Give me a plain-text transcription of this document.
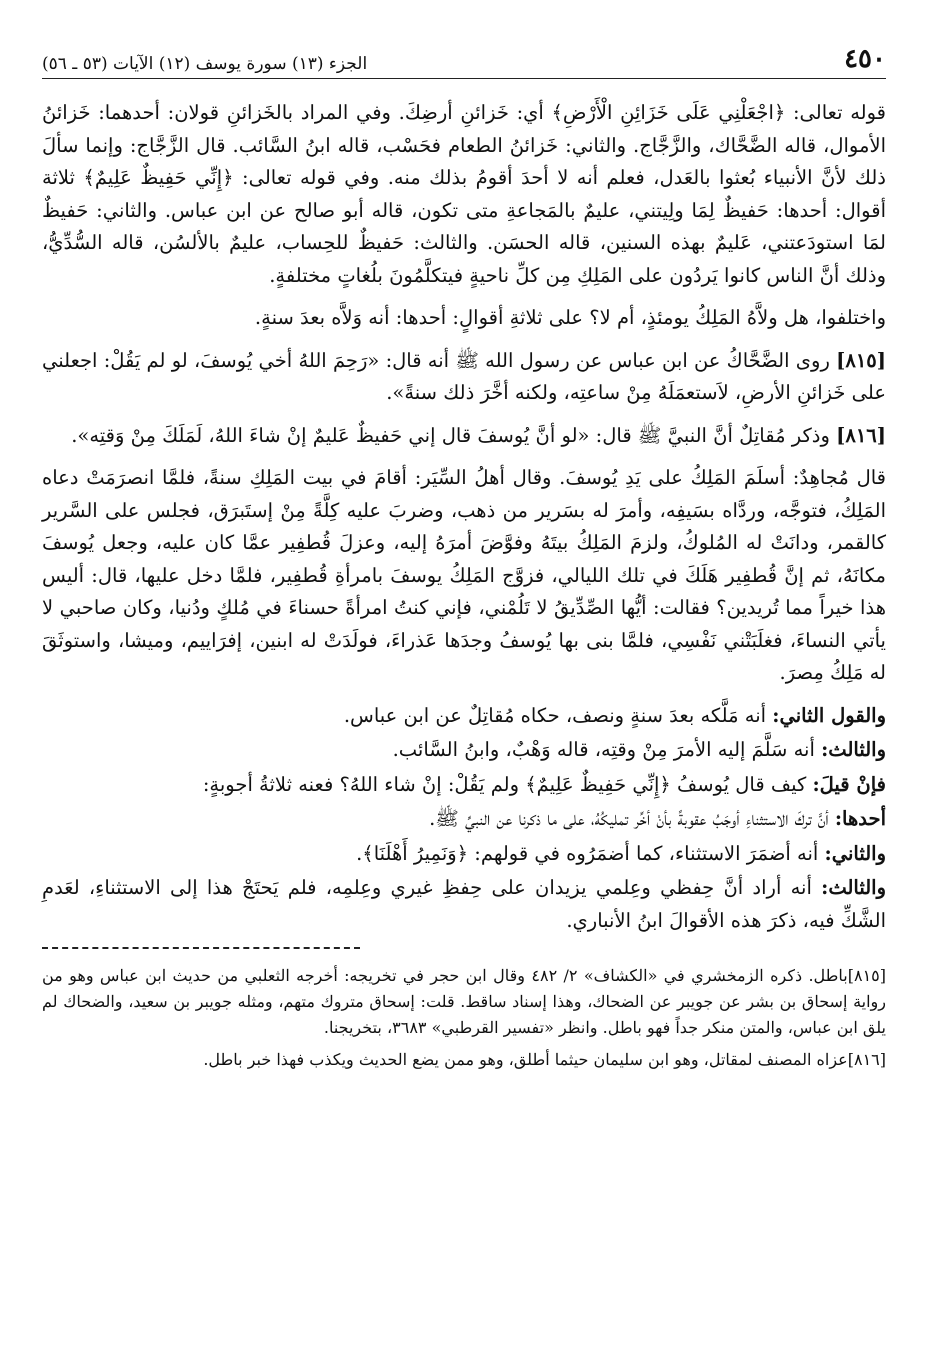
٤٥٠
الجزء (١٣) سورة يوسف (١٢) الآيات (٥٣ ـ ٥٦)

قوله تعالى: ﴿اجْعَلْنِي عَلَى خَزَائِنِ الْأَرْضِ﴾ أي: خَزائنِ أرضِكَ. وفي المراد بالخَزائنِ قولان: أحدهما: خَزائنُ الأموال، قاله الضَّحَّاك، والزَّجَّاج. والثاني: خَزائنُ الطعام فحَسْب، قاله ابنُ السَّائب. قال الزَّجَّاج: وإنما سألَ ذلك لأنَّ الأنبياء بُعثوا بالعَدل، فعلم أنه لا أحدَ أقومُ بذلك منه. وفي قوله تعالى: ﴿إِنِّي حَفِيظٌ عَلِيمٌ﴾ ثلاثة أقوال: أحدها: حَفيظٌ لِمَا ولِيتني، عليمٌ بالمَجاعةِ متى تكون، قاله أبو صالح عن ابن عباس. والثاني: حَفيظٌ لمَا استودَعتني، عَليمٌ بهذه السنين، قاله الحسَن. والثالث: حَفيظٌ للحِساب، عليمٌ بالألسُن، قاله السُّدِّيُّ، وذلك أنَّ الناس كانوا يَردُون على المَلِكِ مِن كلِّ ناحيةٍ فيتكلَّمُونَ بلُغاتٍ مختلفةٍ.

واختلفوا، هل ولاَّهُ المَلِكُ يومئذٍ، أم لا؟ على ثلاثةِ أقوالٍ: أحدها: أنه وَلاَّه بعدَ سنةٍ.

[٨١٥] روى الضَّحَّاكُ عن ابن عباس عن رسول الله ﷺ أنه قال: «رَحِمَ اللهُ أخي يُوسفَ، لو لم يَقُلْ: اجعلني على خَزائنِ الأرضِ، لاَستعمَلَهُ مِنْ ساعتِه، ولكنه أخَّرَ ذلك سنةً».

[٨١٦] وذكر مُقاتِلٌ أنَّ النبيَّ ﷺ قال: «لو أنَّ يُوسفَ قال إني حَفيظٌ عَليمٌ إنْ شاءَ اللهُ، لَمَلَكَ مِنْ وَقتِه».

قال مُجاهِدٌ: أسلَمَ المَلِكُ على يَدِ يُوسفَ. وقال أهلُ السِّيَر: أقامَ في بيت المَلِكِ سنةً، فلمَّا انصرَمَتْ دعاه المَلِكُ، فتوجَّه، وردَّاه بسَيفِه، وأمرَ له بسَرير من ذهب، وضربَ عليه كِلَّةً مِنْ إستَبرَق، فجلس على السَّرير كالقمر، ودانَتْ له المُلوكُ، ولزمَ المَلِكُ بيتَهُ وفوَّضَ أمرَهُ إليه، وعزلَ قُطفِير عمَّا كان عليه، وجعل يُوسفَ مكانَهُ، ثم إنَّ قُطفِير هَلَكَ في تلك الليالي، فزوَّج المَلِكُ يوسفَ بامرأةِ قُطفِير، فلمَّا دخل عليها، قال: أليس هذا خيراً مما تُريدين؟ فقالت: أيُّها الصِّدِّيقُ لا تَلُمْني، فإني كنتُ امرأةً حسناءَ في مُلكٍ ودُنيا، وكان صاحبي لا يأتي النساءَ، فغلَبَتْني نَفْسِي، فلمَّا بنى بها يُوسفُ وجدَها عَذراءَ، فولَدَتْ له ابنين، إفرَاييم، وميشا، واستوثَقَ له مَلِكُ مِصرَ.

والقول الثاني: أنه مَلَّكه بعدَ سنةٍ ونصف، حكاه مُقاتِلٌ عن ابن عباس.

والثالث: أنه سَلَّمَ إليه الأمرَ مِنْ وقتِه، قاله وَهْبٌ، وابنُ السَّائب.

فإنْ قيلَ: كيف قال يُوسفُ ﴿إِنِّي حَفِيظٌ عَلِيمٌ﴾ ولم يَقُلْ: إنْ شاء اللهُ؟ فعنه ثلاثةُ أجوبةٍ:

أحدها: أنَّ تركَ الاستثناءِ أوجَبُ عقوبةً بأنْ أخِّر تمليكُهُ، على ما ذكرنا عن النبيِّ ﷺ.

والثاني: أنه أضمَرَ الاستثناء، كما أضمَرُوه في قولهم: ﴿وَنَمِيرُ أَهْلَنَا﴾.

والثالث: أنه أراد أنَّ حِفظي وعِلمي يزيدان على حِفظِ غيري وعِلمِه، فلم يَحتَجْ هذا إلى الاستثناءِ، لعَدمِ الشَّكِّ فيه، ذكرَ هذه الأقوالَ ابنُ الأنباري.

[٨١٥]باطل. ذكره الزمخشري في «الكشاف» ٢/ ٤٨٢ وقال ابن حجر في تخريجه: أخرجه الثعلبي من حديث ابن عباس وهو من رواية إسحاق بن بشر عن جويبر عن الضحاك، وهذا إسناد ساقط. قلت: إسحاق متروك متهم، ومثله جويبر بن سعيد، والضحاك لم يلق ابن عباس، والمتن منكر جداً فهو باطل. وانظر «تفسير القرطبي» ٣٦٨٣، بتخريجنا.

[٨١٦]عزاه المصنف لمقاتل، وهو ابن سليمان حيثما أطلق، وهو ممن يضع الحديث ويكذب فهذا خبر باطل.
